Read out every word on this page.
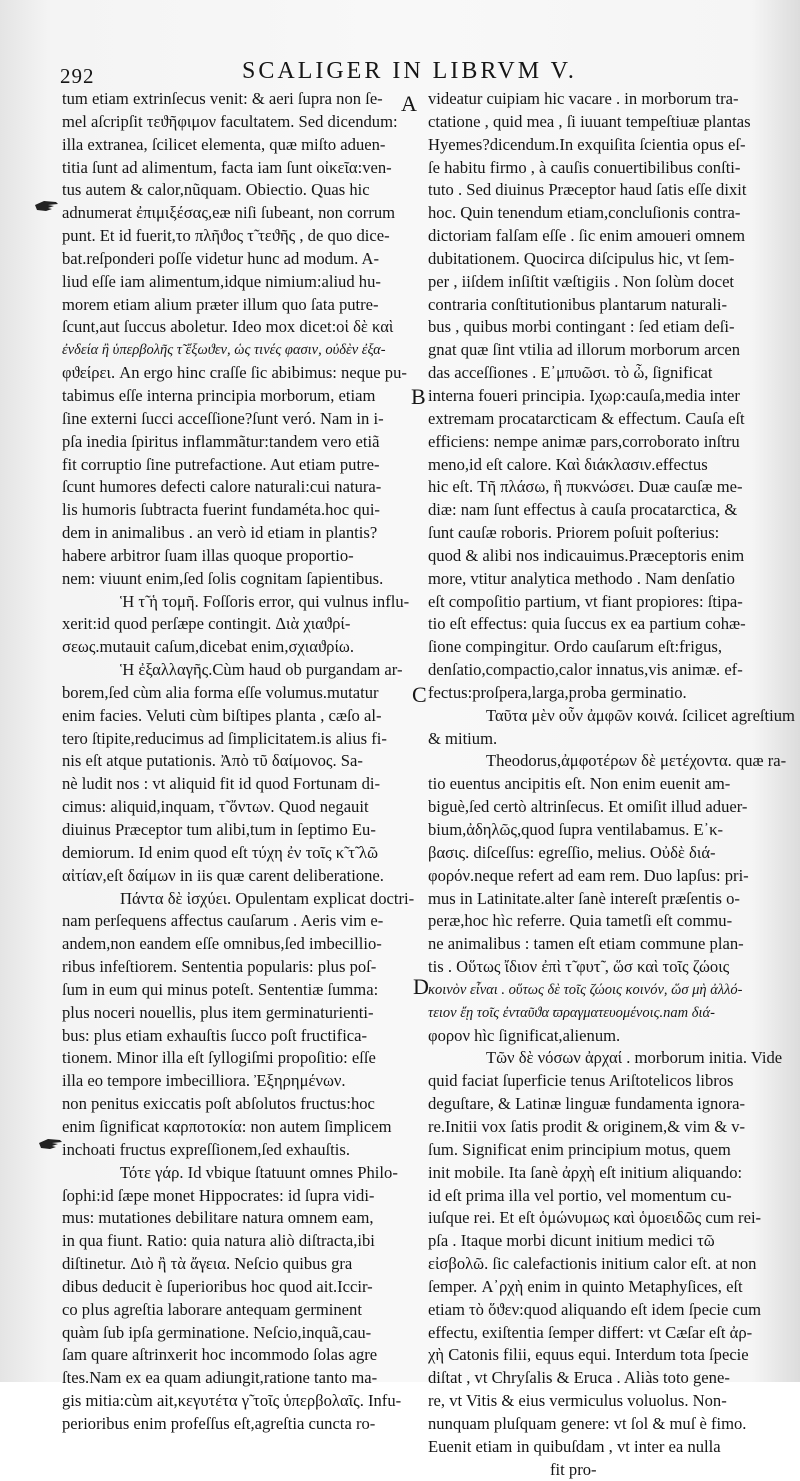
292	SCALIGER IN LIBRVM V.
A
B
C
D
tum etiam extrinſecus venit: & aeri ſupra non ſe-
mel aſcripſit τεϑῆφιμον facultatem. Sed dicendum:
illa extranea, ſcilicet elementa, quæ miſto aduen-
titia ſunt ad alimentum, facta iam ſunt οἰκεῖα:ven-
tus autem & calor,nũquam. Obiectio. Quas hic
adnumerat ἐπιμιξέσας,eæ niſi ſubeant, non corrum
punt. Et id fuerit,το πλῆϑος τ̃ τεϑῆς , de quo dice-
bat.reſponderi poſſe videtur hunc ad modum. A-
liud eſſe iam alimentum,idque nimium:aliud hu-
morem etiam alium præter illum quo ſata putre-
ſcunt,aut ſuccus aboletur. Ideo mox dicet:οἱ δὲ καὶ
ἐνδεία ἢ ὑπερβολῆς τ̃ ἔξωϑεν, ὡς τινές φασιν, οὐδὲν ἐξα-
φϑείρει. An ergo hinc craſſe ſic abibimus: neque pu-
tabimus eſſe interna principia morborum, etiam
ſine externi ſucci acceſſione?ſunt veró. Nam in i-
pſa inedia ſpiritus inflammãtur:tandem vero etiã
fit corruptio ſine putrefactione. Aut etiam putre-
ſcunt humores defecti calore naturali:cui natura-
lis humoris ſubtracta fuerint fundaméta.hoc qui-
dem in animalibus . an verò id etiam in plantis?
habere arbitror ſuam illas quoque proportio-
nem: viuunt enim,ſed ſolis cognitam ſapientibus.
Ἡ τ̃ ἡ τομῆ. Foſſoris error, qui vulnus influ-
xerit:id quod perſæpe contingit. Διὰ χιαϑρί-
σεως.mutauit caſum,dicebat enim,σχιαϑρίω.
Ἡ ἐξαλλαγῆς.Cùm haud ob purgandam ar-
borem,ſed cùm alia forma eſſe volumus.mutatur
enim facies. Veluti cùm biſtipes planta , cæſo al-
tero ſtipite,reducimus ad ſimplicitatem.is alius fi-
nis eſt atque putationis. Ἀπὸ τῦ δαίμονος. Sa-
nè ludit nos : vt aliquid fit id quod Fortunam di-
cimus: aliquid,inquam, τ̃ ὄντων. Quod negauit
diuinus Præceptor tum alibi,tum in ſeptimo Eu-
demiorum. Id enim quod eſt τύχη ἐν τοῖς κ̃ τ̃ λῶ
αἰτίαν,eſt δαίμων in iis quæ carent deliberatione.
Πάντα δὲ ἰσχύει. Opulentam explicat doctri-
nam perſequens affectus cauſarum . Aeris vim e-
andem,non eandem eſſe omnibus,ſed imbecillio-
ribus infeſtiorem. Sententia popularis: plus poſ-
ſum in eum qui minus poteſt. Sententiæ ſumma:
plus noceri nouellis, plus item germinaturienti-
bus: plus etiam exhauſtis ſucco poſt fructifica-
tionem. Minor illa eſt ſyllogiſmi propoſitio: eſſe
illa eo tempore imbecilliora. Ἐξηρημένων.
non penitus exiccatis poſt abſolutos fructus:hoc
enim ſignificat καρποτοκία: non autem ſimplicem
inchoati fructus expreſſionem,ſed exhauſtis.
Τότε γάρ. Id vbique ſtatuunt omnes Philo-
ſophi:id ſæpe monet Hippocrates: id ſupra vidi-
mus: mutationes debilitare natura omnem eam,
in qua fiunt. Ratio: quia natura aliò diſtracta,ibi
diſtinetur. Διὸ ἢ τὰ ἄγεια. Neſcio quibus gra
dibus deducit è ſuperioribus hoc quod ait.Iccir-
co plus agreſtia laborare antequam germinent
quàm ſub ipſa germinatione. Neſcio,inquã,cau-
ſam quare aſtrinxerit hoc incommodo ſolas agre
ſtes.Nam ex ea quam adiungit,ratione tanto ma-
gis mitia:cùm ait,κεγυτέτα γ̃ τοῖς ὑπερβολαῖς. Infu-
perioribus enim profeſſus eſt,agreſtia cuncta ro-
videatur cuipiam hic vacare . in morborum tra-
ctatione , quid mea , ſi iuuant tempeſtiuæ plantas
Hyemes?dicendum.In exquiſita ſcientia opus eſ-
ſe habitu firmo , à cauſis conuertibilibus conſti-
tuto . Sed diuinus Præceptor haud ſatis eſſe dixit
hoc. Quin tenendum etiam,concluſionis contra-
dictoriam falſam eſſe . ſic enim amoueri omnem
dubitationem. Quocirca diſcipulus hic, vt ſem-
per , iiſdem inſiſtit væſtigiis . Non ſolùm docet
contraria conſtitutionibus plantarum naturali-
bus , quibus morbi contingant : ſed etiam deſi-
gnat quæ ſint vtilia ad illorum morborum arcen
das acceſſiones . Ε᾽μπυῶσι. τὸ ὦ, ſignificat
interna foueri principia. Ιχωρ:cauſa,media inter
extremam procatarcticam & effectum. Cauſa eſt
efficiens: nempe animæ pars,corroborato inſtru
meno,id eſt calore. Καὶ διάκλασιν.effectus
hic eſt. Τῆ πλάσω, ἢ πυκνώσει. Duæ cauſæ me-
diæ: nam ſunt effectus à cauſa procatarctica, &
ſunt cauſæ roboris. Priorem poſuit poſterius:
quod & alibi nos indicauimus.Præceptoris enim
more, vtitur analytica methodo . Nam denſatio
eſt compoſitio partium, vt fiant propiores: ſtipa-
tio eſt effectus: quia ſuccus ex ea partium cohæ-
ſione compingitur. Ordo cauſarum eſt:frigus,
denſatio,compactio,calor innatus,vis animæ. ef-
fectus:proſpera,larga,proba germinatio.
Ταῦτα μὲν οὖν ἀμφῶν κοινά. ſcilicet agreſtium
& mitium.
Theodorus,ἀμφοτέρων δὲ μετέχοντα. quæ ra-
tio euentus ancipitis eſt. Non enim euenit am-
biguè,ſed certò altrinſecus. Et omiſit illud aduer-
bium,ἀδηλῶς,quod ſupra ventilabamus. Ε᾽κ-
βασις. diſceſſus: egreſſio, melius. Οὐδὲ διά-
φορόν.neque refert ad eam rem. Duo lapſus: pri-
mus in Latinitate.alter ſanè intereſt præſentis o-
peræ,hoc hìc referre. Quia tametſi eſt commu-
ne animalibus : tamen eſt etiam commune plan-
tis . Οὕτως ἴδιον ἐπὶ τ̃ φυτ̃ , ὥσ καὶ τοῖς ζώοις
κοινὸν εἶναι . οὕτως δὲ τοῖς ζώοις κοινόν, ὥσ μὴ ἀλλό-
τειον ἔῃ τοῖς ἐνταῦϑα ϖραγματευομένοις.nam διά-
φορον hìc ſignificat,alienum.
Τῶν δὲ νόσων ἀρχαί . morborum initia. Vide
quid faciat ſuperficie tenus Ariſtotelicos libros
deguſtare, & Latinæ linguæ fundamenta ignora-
re.Initii vox ſatis prodit & originem,& vim & v-
ſum. Significat enim principium motus, quem
init mobile. Ita ſanè ἀρχὴ eſt initium aliquando:
id eſt prima illa vel portio, vel momentum cu-
iuſque rei. Et eſt ὁμώνυμως καὶ ὁμοειδῶς cum rei-
pſa . Itaque morbi dicunt initium medici τῶ
εἰσβολῶ. ſic calefactionis initium calor eſt. at non
ſemper. Α᾽ρχὴ enim in quinto Metaphyſices, eſt
etiam τὸ ὅϑεν:quod aliquando eſt idem ſpecie cum
effectu, exiſtentia ſemper differt: vt Cæſar eſt ἀρ-
χὴ Catonis filii, equus equi. Interdum tota ſpecie
diſtat , vt Chryſalis & Eruca . Aliàs toto gene-
re, vt Vitis & eius vermiculus voluolus. Non-
nunquam pluſquam genere: vt ſol & muſ è fimo.
Euenit etiam in quibuſdam , vt inter ea nulla
fit pro-
